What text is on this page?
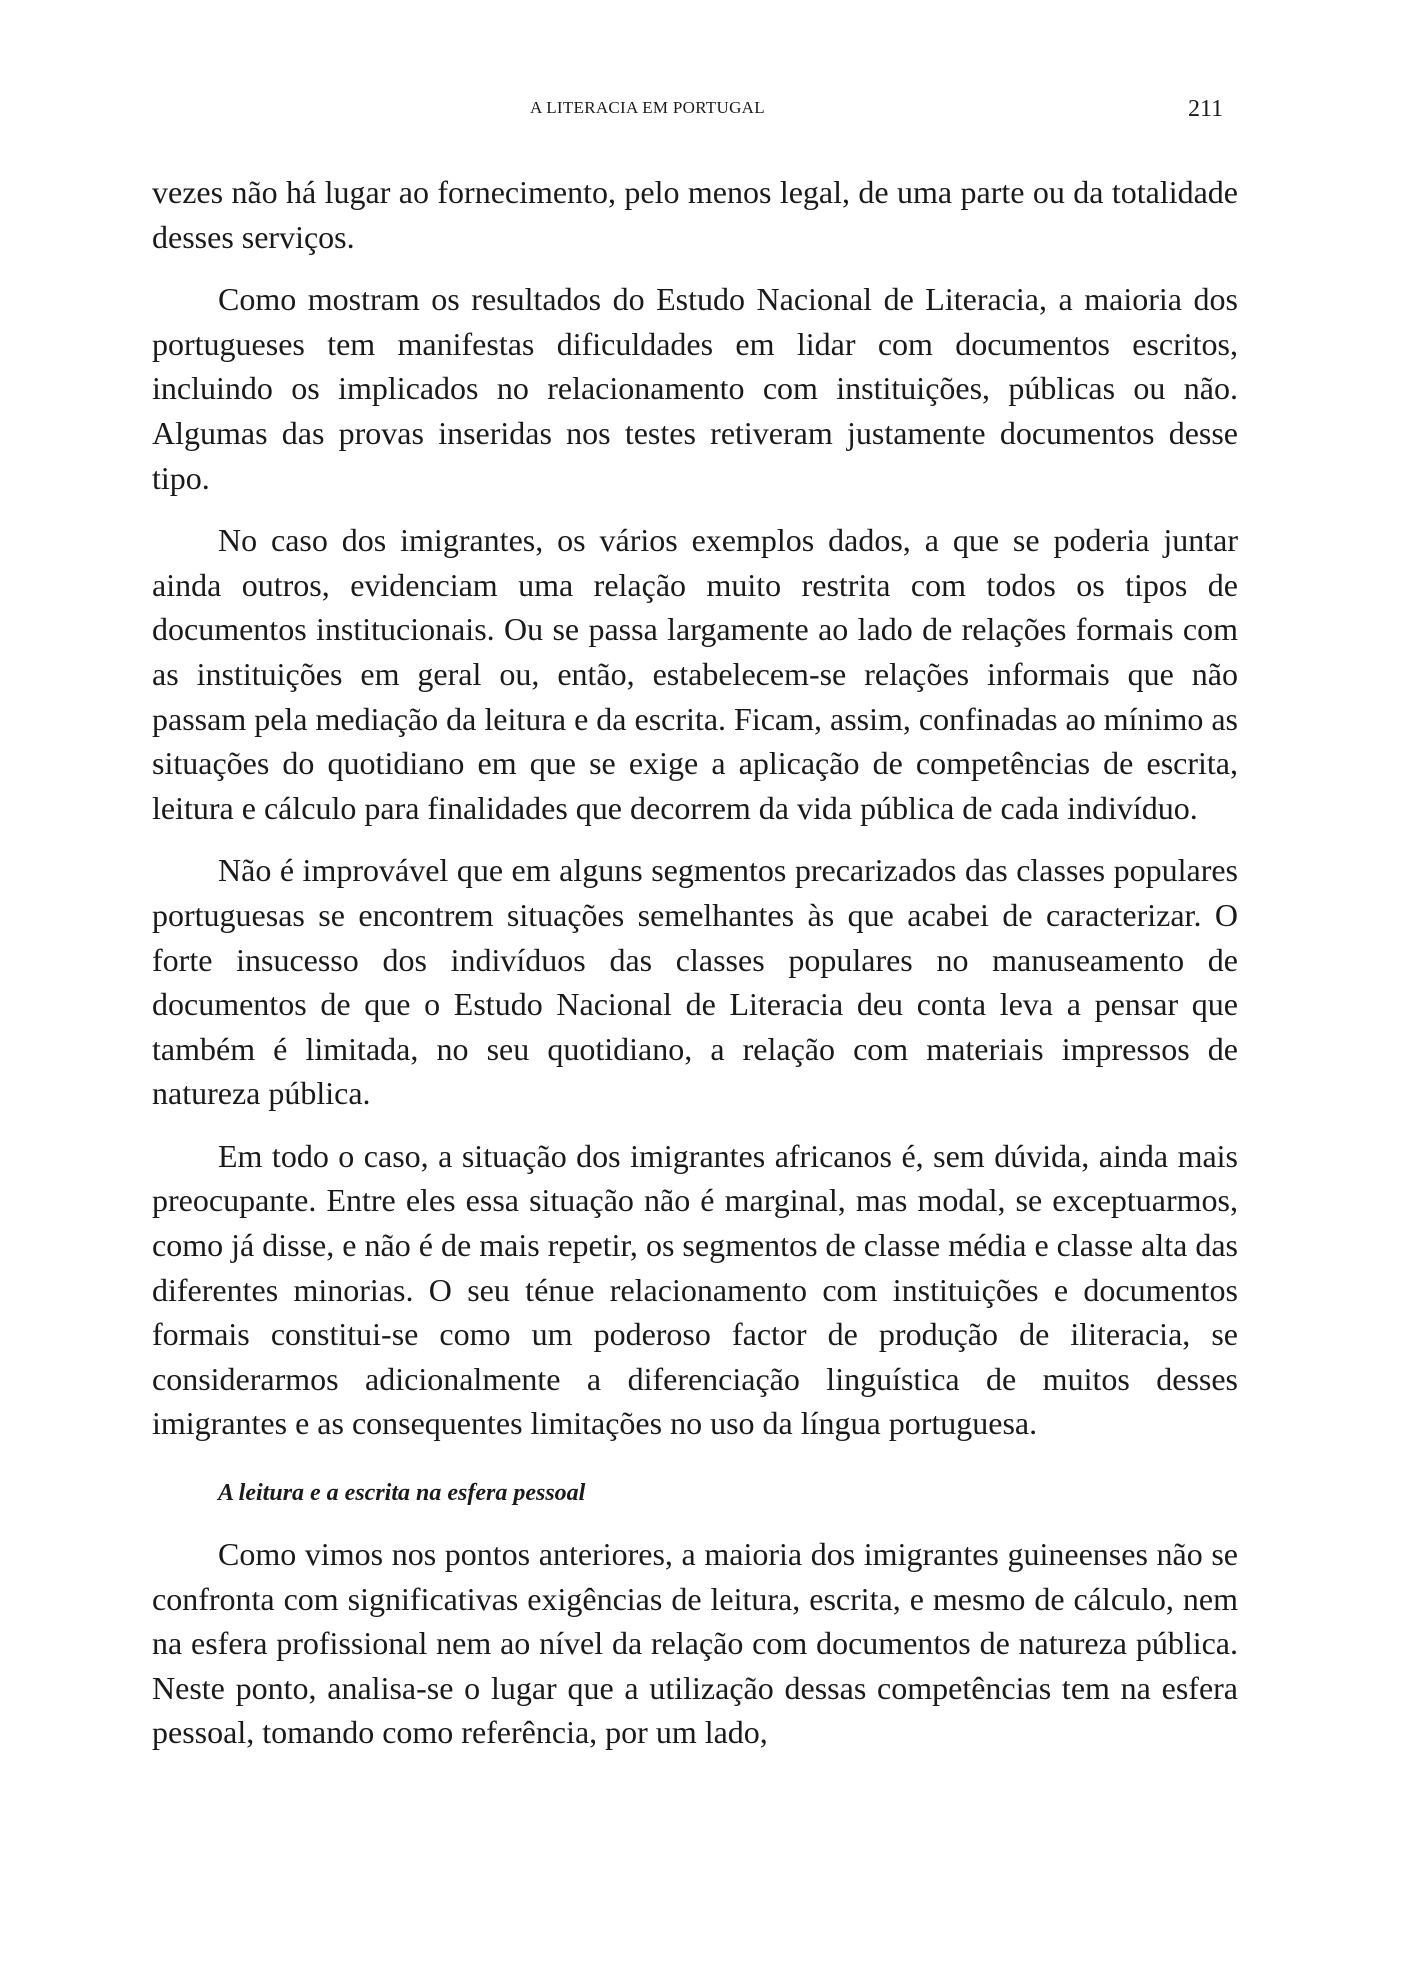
A LITERACIA EM PORTUGAL	211

vezes não há lugar ao fornecimento, pelo menos legal, de uma parte ou da totalidade desses serviços.

Como mostram os resultados do Estudo Nacional de Literacia, a maioria dos portugueses tem manifestas dificuldades em lidar com documentos escritos, incluindo os implicados no relacionamento com instituições, públicas ou não. Algumas das provas inseridas nos testes retiveram justamente documentos desse tipo.

No caso dos imigrantes, os vários exemplos dados, a que se poderia juntar ainda outros, evidenciam uma relação muito restrita com todos os tipos de documentos institucionais. Ou se passa largamente ao lado de relações formais com as instituições em geral ou, então, estabelecem-se relações informais que não passam pela mediação da leitura e da escrita. Ficam, assim, confinadas ao mínimo as situações do quotidiano em que se exige a aplicação de competências de escrita, leitura e cálculo para finalidades que decorrem da vida pública de cada indivíduo.

Não é improvável que em alguns segmentos precarizados das classes populares portuguesas se encontrem situações semelhantes às que acabei de caracterizar. O forte insucesso dos indivíduos das classes populares no manuseamento de documentos de que o Estudo Nacional de Literacia deu conta leva a pensar que também é limitada, no seu quotidiano, a relação com materiais impressos de natureza pública.

Em todo o caso, a situação dos imigrantes africanos é, sem dúvida, ainda mais preocupante. Entre eles essa situação não é marginal, mas modal, se exceptuarmos, como já disse, e não é de mais repetir, os segmentos de classe média e classe alta das diferentes minorias. O seu ténue relacionamento com instituições e documentos formais constitui-se como um poderoso factor de produção de iliteracia, se considerarmos adicionalmente a diferenciação linguística de muitos desses imigrantes e as consequentes limitações no uso da língua portuguesa.

A leitura e a escrita na esfera pessoal

Como vimos nos pontos anteriores, a maioria dos imigrantes guineenses não se confronta com significativas exigências de leitura, escrita, e mesmo de cálculo, nem na esfera profissional nem ao nível da relação com documentos de natureza pública. Neste ponto, analisa-se o lugar que a utilização dessas competências tem na esfera pessoal, tomando como referência, por um lado,
